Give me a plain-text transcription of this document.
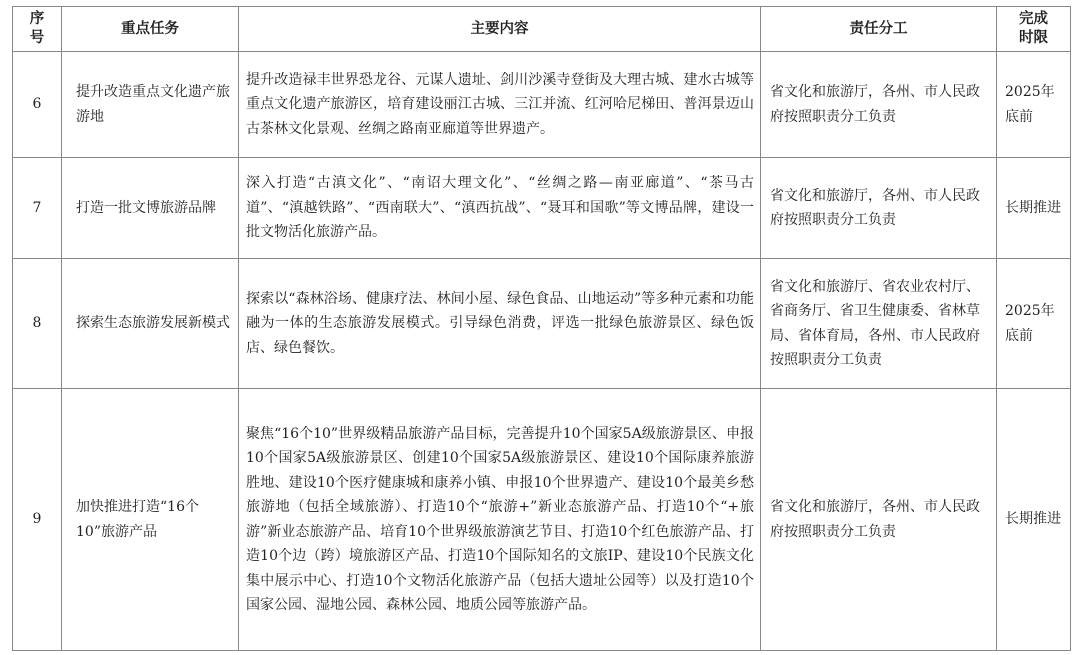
序
号	重点任务	主要内容	责任分工	完成
时限

6	提升改造重点文化遗产旅游地	提升改造禄丰世界恐龙谷、元谋人遗址、剑川沙溪寺登街及大理古城、建水古城等重点文化遗产旅游区，培育建设丽江古城、三江并流、红河哈尼梯田、普洱景迈山古茶林文化景观、丝绸之路南亚廊道等世界遗产。	省文化和旅游厅，各州、市人民政府按照职责分工负责	2025年底前
7	打造一批文博旅游品牌	深入打造“古滇文化”、“南诏大理文化”、“丝绸之路—南亚廊道”、“茶马古道”、“滇越铁路”、“西南联大”、“滇西抗战”、“聂耳和国歌”等文博品牌，建设一批文物活化旅游产品。	省文化和旅游厅，各州、市人民政府按照职责分工负责	长期推进
8	探索生态旅游发展新模式	探索以“森林浴场、健康疗法、林间小屋、绿色食品、山地运动”等多种元素和功能融为一体的生态旅游发展模式。引导绿色消费，评选一批绿色旅游景区、绿色饭店、绿色餐饮。	省文化和旅游厅、省农业农村厅、省商务厅、省卫生健康委、省林草局、省体育局，各州、市人民政府按照职责分工负责	2025年底前
9	加快推进打造“16个10”旅游产品	聚焦“16个10”世界级精品旅游产品目标，完善提升10个国家5A级旅游景区、申报10个国家5A级旅游景区、创建10个国家5A级旅游景区、建设10个国际康养旅游胜地、建设10个医疗健康城和康养小镇、申报10个世界遗产、建设10个最美乡愁旅游地（包括全域旅游）、打造10个“旅游+”新业态旅游产品、打造10个“+旅游”新业态旅游产品、培育10个世界级旅游演艺节目、打造10个红色旅游产品、打造10个边（跨）境旅游区产品、打造10个国际知名的文旅IP、建设10个民族文化集中展示中心、打造10个文物活化旅游产品（包括大遗址公园等）以及打造10个国家公园、湿地公园、森林公园、地质公园等旅游产品。	省文化和旅游厅，各州、市人民政府按照职责分工负责	长期推进
